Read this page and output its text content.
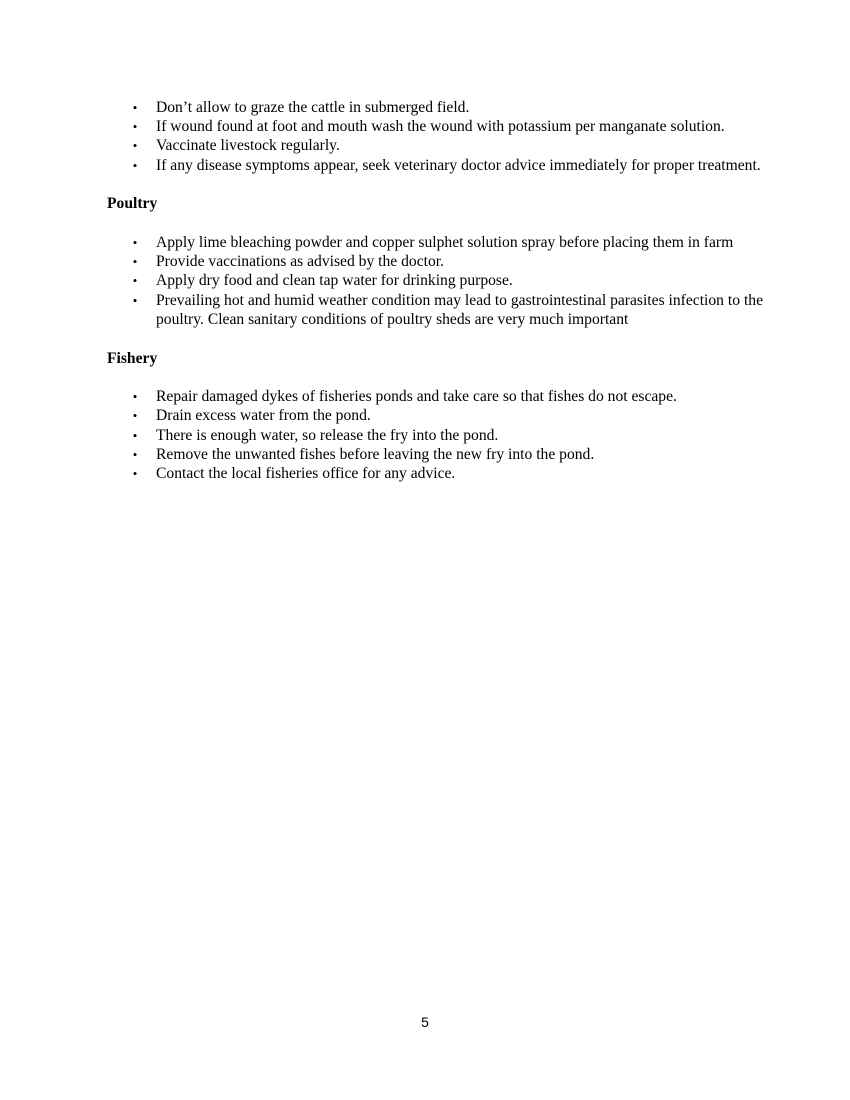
• Don’t allow to graze the cattle in submerged field.
• If wound found at foot and mouth wash the wound with potassium per manganate solution.
• Vaccinate livestock regularly.
• If any disease symptoms appear, seek veterinary doctor advice immediately for proper treatment.
Poultry
• Apply lime bleaching powder and copper sulphet solution spray before placing them in farm
• Provide vaccinations as advised by the doctor.
• Apply dry food and clean tap water for drinking purpose.
• Prevailing hot and humid weather condition may lead to gastrointestinal parasites infection to the poultry. Clean sanitary conditions of poultry sheds are very much important
Fishery
• Repair damaged dykes of fisheries ponds and take care so that fishes do not escape.
• Drain excess water from the pond.
• There is enough water, so release the fry into the pond.
• Remove the unwanted fishes before leaving the new fry into the pond.
• Contact the local fisheries office for any advice.
5
